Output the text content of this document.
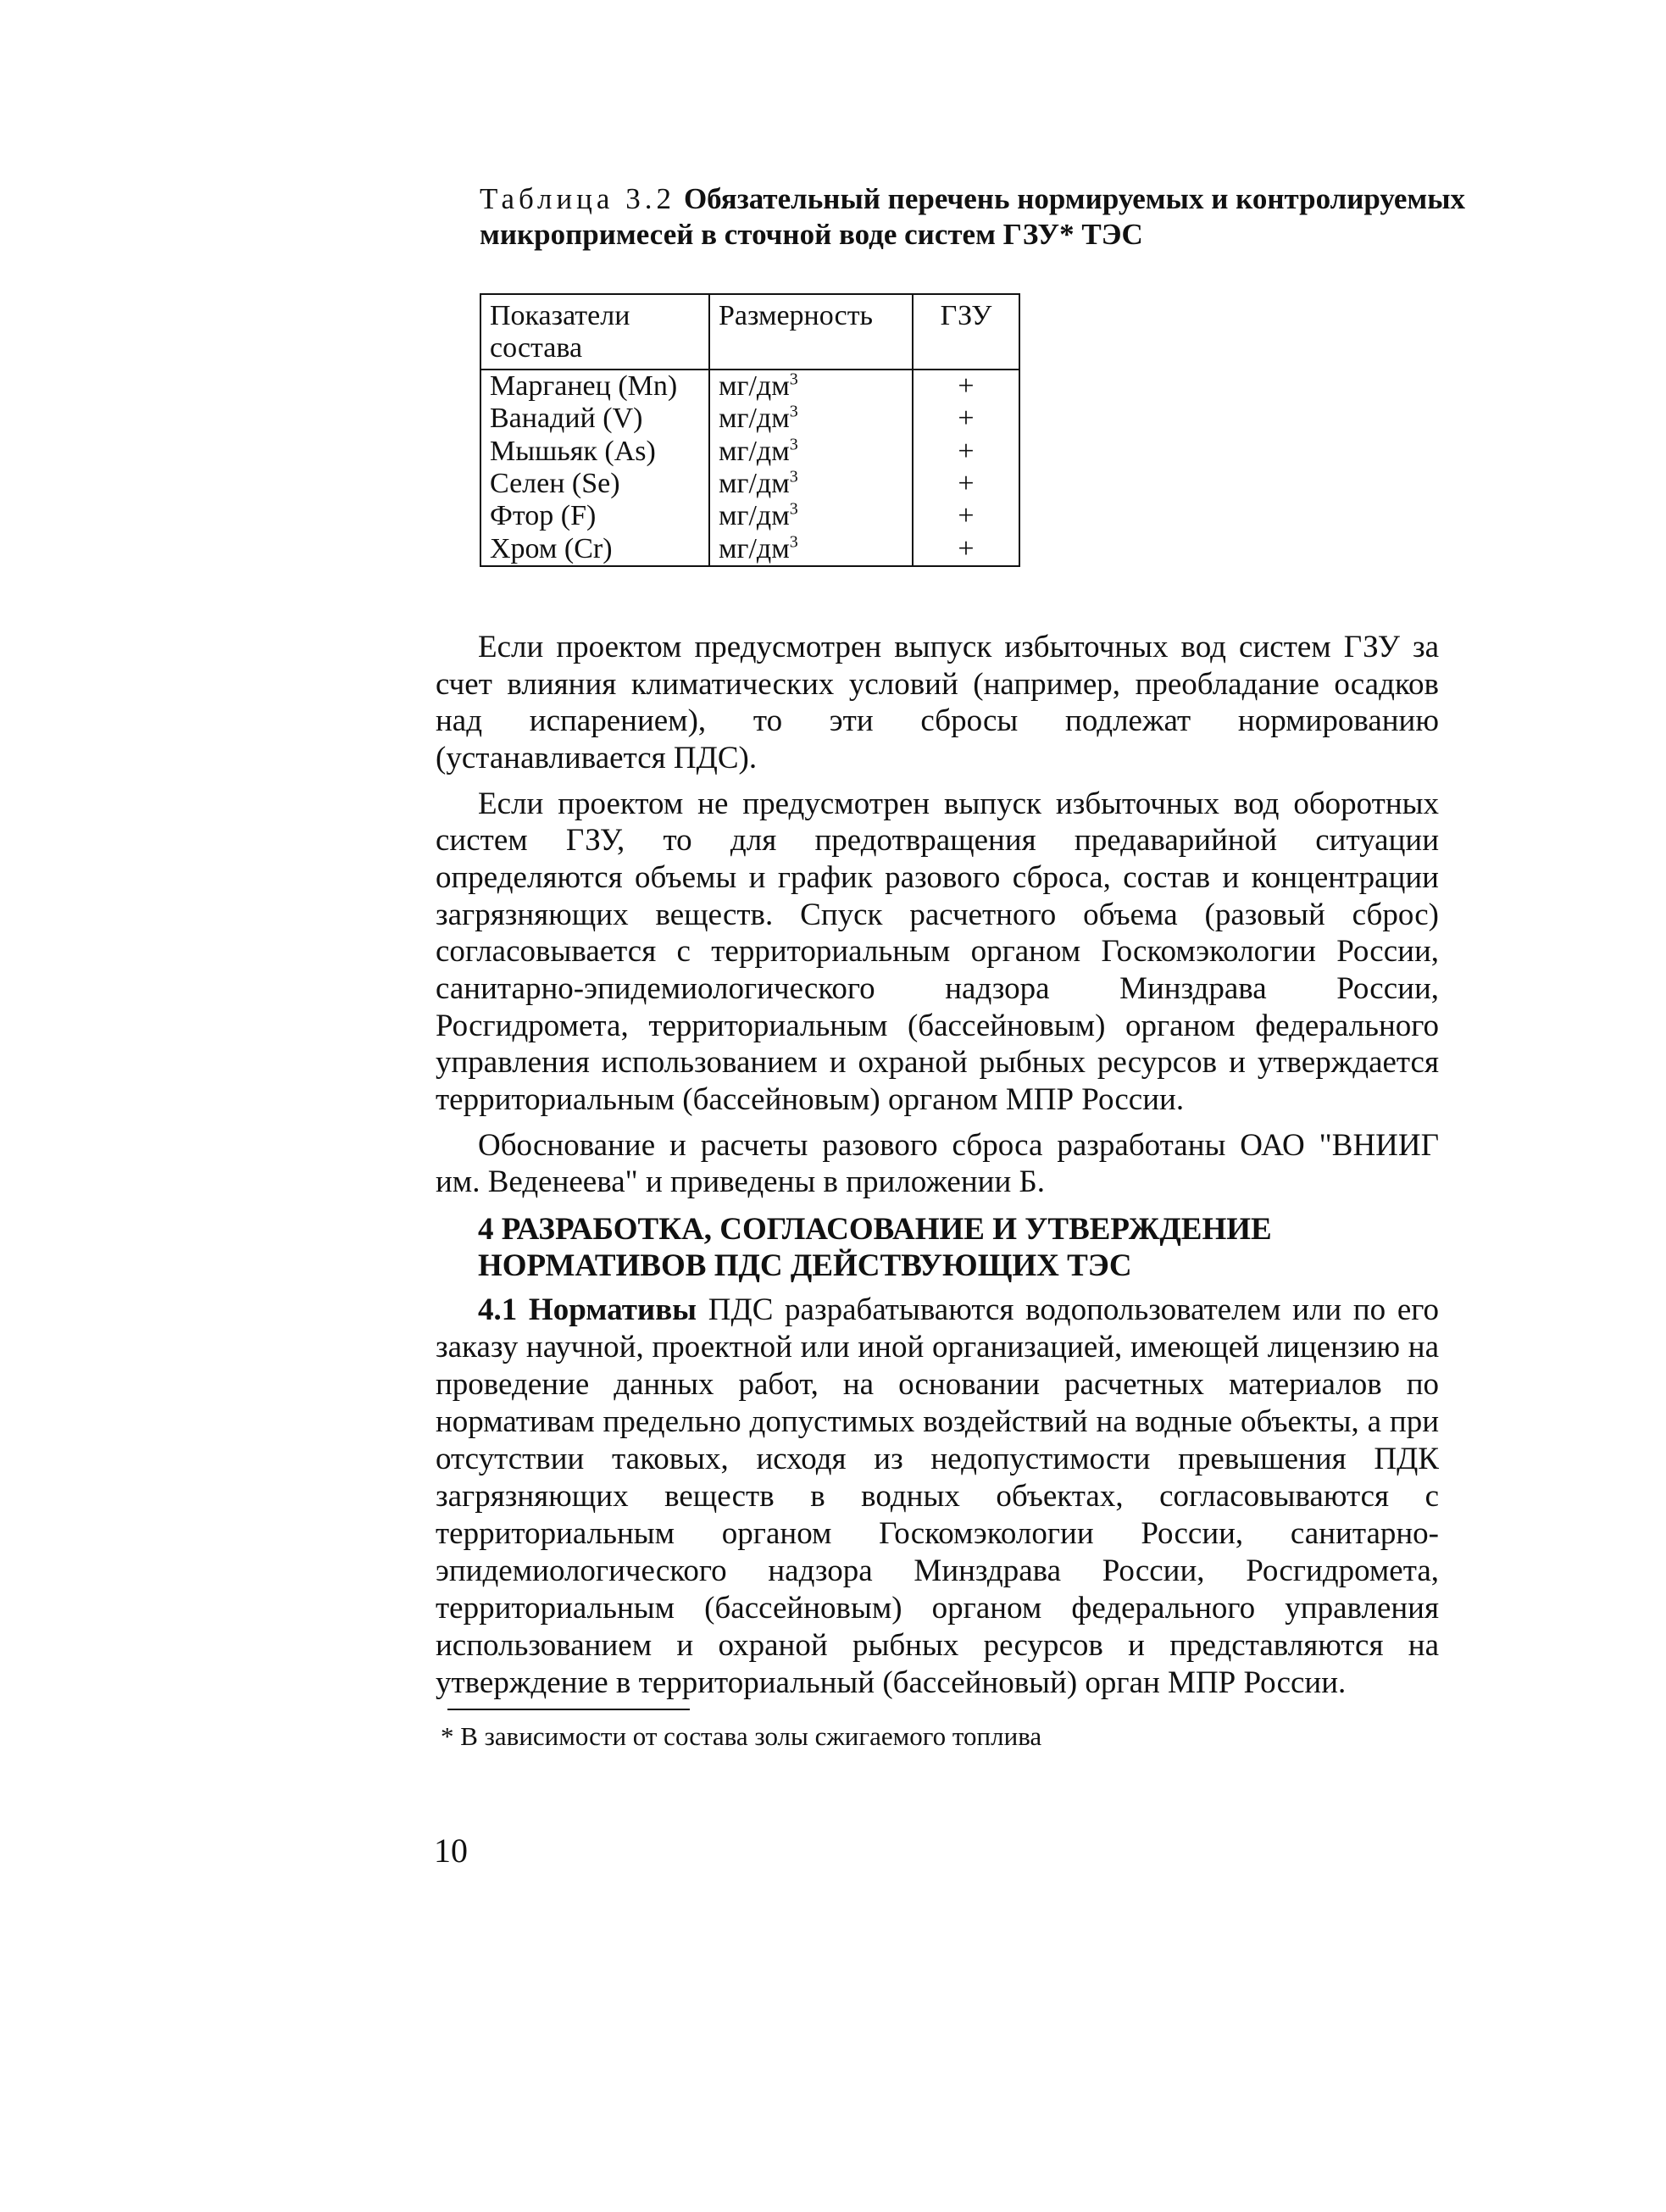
Таблица 3.2 Обязательный перечень нормируемых и контролируемых микропримесей в сточной воде систем ГЗУ* ТЭС
Показатели состава	Размерность	ГЗУ
Марганец (Mn)	$мг/дм^3$	+
Ванадий (V)	$мг/дм^3$	+
Мышьяк (As)	$мг/дм^3$	+
Селен (Se)	$мг/дм^3$	+
Фтор (F)	$мг/дм^3$	+
Хром (Cr)	$мг/дм^3$	+

Если проектом предусмотрен выпуск избыточных вод систем ГЗУ за счет влияния климатических условий (например, преобладание осадков над испарением), то эти сбросы подлежат нормированию (устанавливается ПДС).

Если проектом не предусмотрен выпуск избыточных вод оборотных систем ГЗУ, то для предотвращения предаварийной ситуации определяются объемы и график разового сброса, состав и концентрации загрязняющих веществ. Спуск расчетного объема (разовый сброс) согласовывается с территориальным органом Госкомэкологии России, санитарно-эпидемиологического надзора Минздрава России, Росгидромета, территориальным (бассейновым) органом федерального управления использованием и охраной рыбных ресурсов и утверждается территориальным (бассейновым) органом МПР России.

Обоснование и расчеты разового сброса разработаны ОАО "ВНИИГ им. Веденеева" и приведены в приложении Б.

4 РАЗРАБОТКА, СОГЛАСОВАНИЕ И УТВЕРЖДЕНИЕ НОРМАТИВОВ ПДС ДЕЙСТВУЮЩИХ ТЭС

4.1 Нормативы ПДС разрабатываются водопользователем или по его заказу научной, проектной или иной организацией, имеющей лицензию на проведение данных работ, на основании расчетных материалов по нормативам предельно допустимых воздействий на водные объекты, а при отсутствии таковых, исходя из недопустимости превышения ПДК загрязняющих веществ в водных объектах, согласовываются с территориальным органом Госкомэкологии России, санитарно-эпидемиологического надзора Минздрава России, Росгидромета, территориальным (бассейновым) органом федерального управления использованием и охраной рыбных ресурсов и представляются на утверждение в территориальный (бассейновый) орган МПР России.

* В зависимости от состава золы сжигаемого топлива
10
